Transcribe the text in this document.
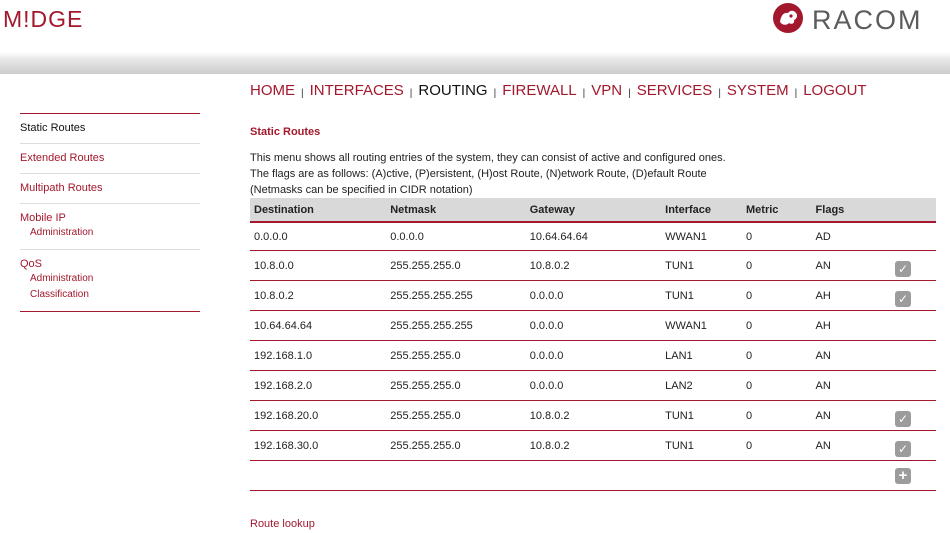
M!DGE	RACOM
HOME | INTERFACES | ROUTING | FIREWALL | VPN | SERVICES | SYSTEM | LOGOUT
Static Routes
Extended Routes
Multipath Routes
Mobile IP
Administration
QoS
Administration
Classification
Static Routes
This menu shows all routing entries of the system, they can consist of active and configured ones.
The flags are as follows: (A)ctive, (P)ersistent, (H)ost Route, (N)etwork Route, (D)efault Route
(Netmasks can be specified in CIDR notation)
Destination	Netmask	Gateway	Interface	Metric	Flags	
0.0.0.0	0.0.0.0	10.64.64.64	WWAN1	0	AD	
10.8.0.0	255.255.255.0	10.8.0.2	TUN1	0	AN	✓
10.8.0.2	255.255.255.255	0.0.0.0	TUN1	0	AH	✓
10.64.64.64	255.255.255.255	0.0.0.0	WWAN1	0	AH	
192.168.1.0	255.255.255.0	0.0.0.0	LAN1	0	AN	
192.168.2.0	255.255.255.0	0.0.0.0	LAN2	0	AN	
192.168.20.0	255.255.255.0	10.8.0.2	TUN1	0	AN	✓
192.168.30.0	255.255.255.0	10.8.0.2	TUN1	0	AN	✓
						+
Route lookup
